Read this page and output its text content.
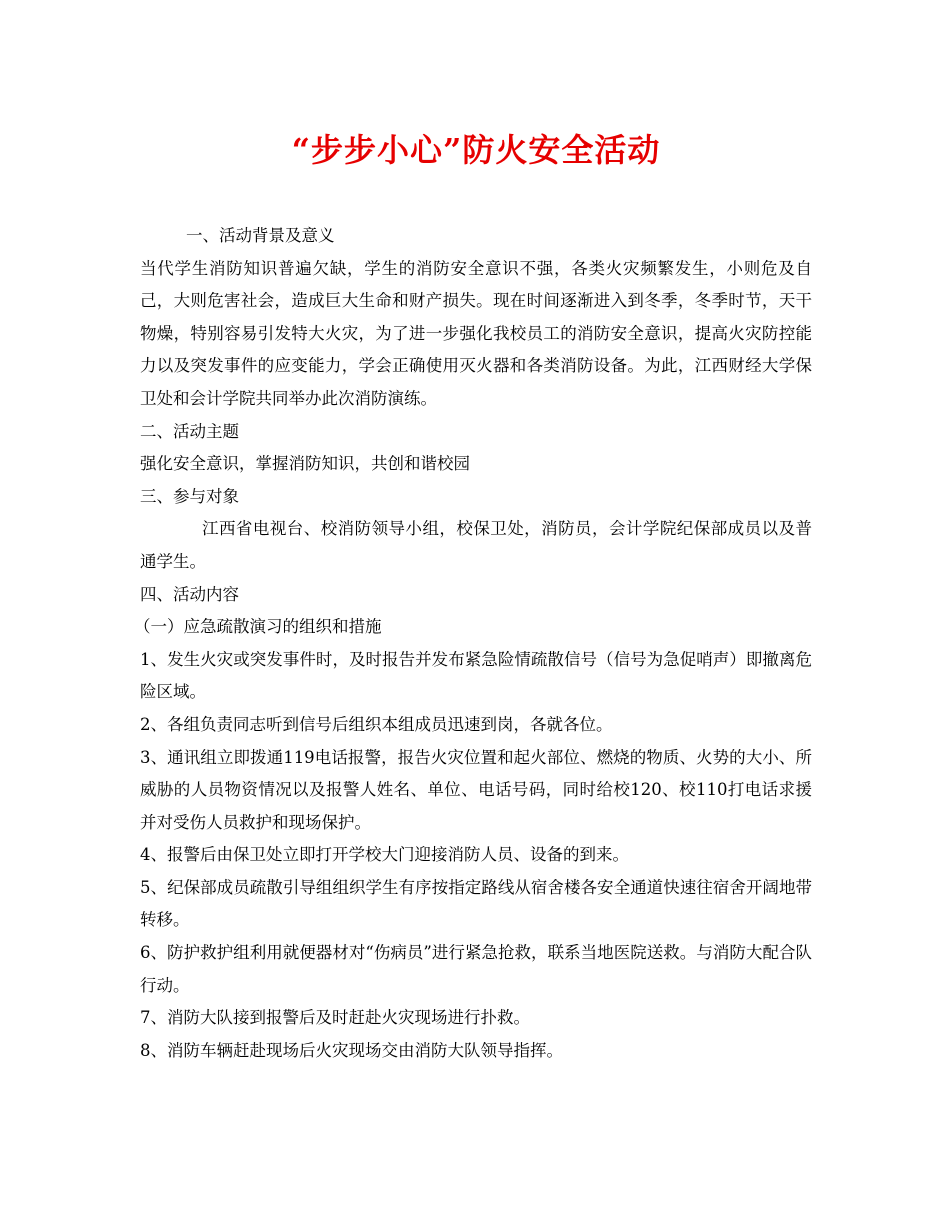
“步步小心”防火安全活动

一、活动背景及意义

当代学生消防知识普遍欠缺，学生的消防安全意识不强，各类火灾频繁发生，小则危及自己，大则危害社会，造成巨大生命和财产损失。现在时间逐渐进入到冬季，冬季时节，天干物燥，特别容易引发特大火灾，为了进一步强化我校员工的消防安全意识，提高火灾防控能力以及突发事件的应变能力，学会正确使用灭火器和各类消防设备。为此，江西财经大学保卫处和会计学院共同举办此次消防演练。

二、活动主题

强化安全意识，掌握消防知识，共创和谐校园

三、参与对象

江西省电视台、校消防领导小组，校保卫处，消防员，会计学院纪保部成员以及普通学生。

四、活动内容

（一）应急疏散演习的组织和措施

1、发生火灾或突发事件时，及时报告并发布紧急险情疏散信号（信号为急促哨声）即撤离危险区域。

2、各组负责同志听到信号后组织本组成员迅速到岗，各就各位。

3、通讯组立即拨通119电话报警，报告火灾位置和起火部位、燃烧的物质、火势的大小、所威胁的人员物资情况以及报警人姓名、单位、电话号码，同时给校120、校110打电话求援并对受伤人员救护和现场保护。

4、报警后由保卫处立即打开学校大门迎接消防人员、设备的到来。

5、纪保部成员疏散引导组组织学生有序按指定路线从宿舍楼各安全通道快速往宿舍开阔地带转移。

6、防护救护组利用就便器材对“伤病员”进行紧急抢救，联系当地医院送救。与消防大配合队行动。

7、消防大队接到报警后及时赶赴火灾现场进行扑救。

8、消防车辆赶赴现场后火灾现场交由消防大队领导指挥。
